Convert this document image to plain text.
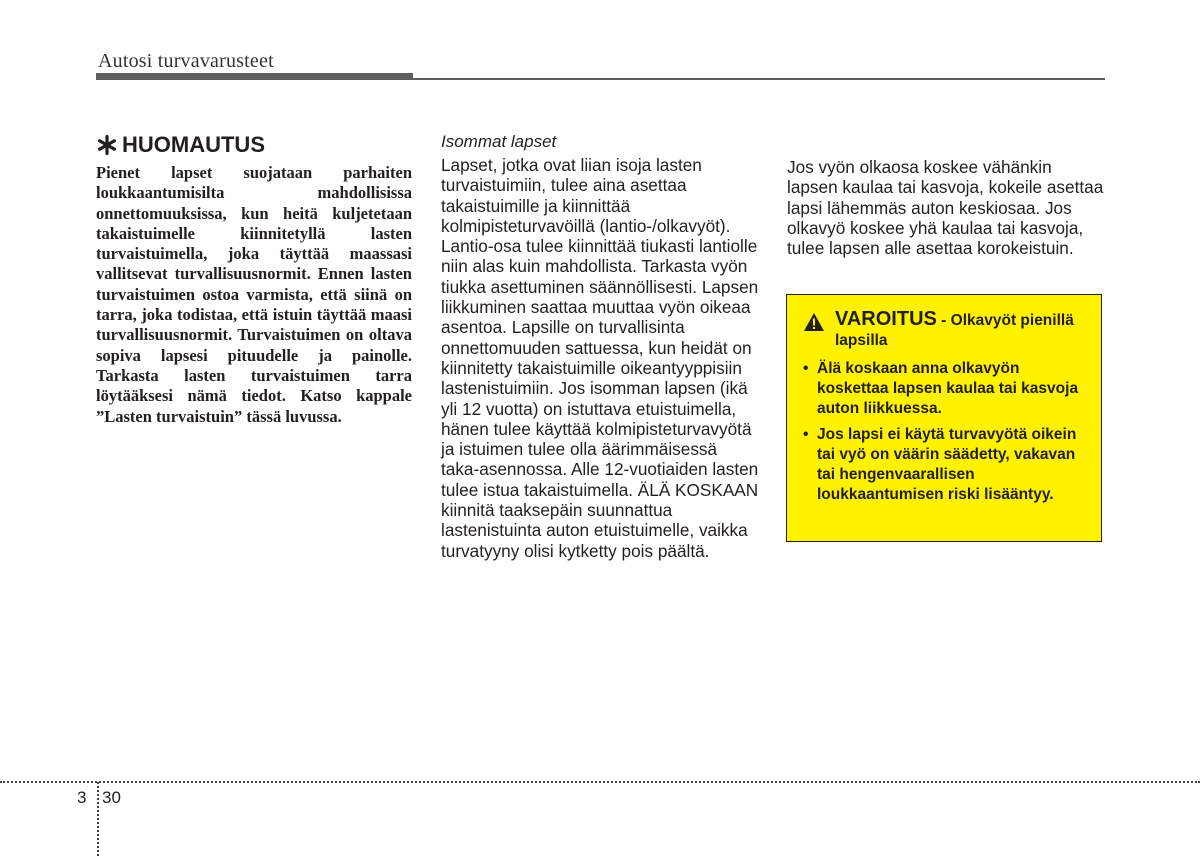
Autosi turvavarusteet
HUOMAUTUS

Pienet lapset suojataan parhaiten loukkaantumisilta mahdollisissa onnettomuuksissa, kun heitä kuljetetaan takaistuimelle kiinnitetyllä lasten turvaistuimella, joka täyttää maassasi vallitsevat turvallisuusnormit. Ennen lasten turvaistuimen ostoa varmista, että siinä on tarra, joka todistaa, että istuin täyttää maasi turvallisuusnormit. Turvaistuimen on oltava sopiva lapsesi pituudelle ja painolle. Tarkasta lasten turvaistuimen tarra löytääksesi nämä tiedot. Katso kappale ”Lasten turvaistuin” tässä luvussa.

Isommat lapset

Lapset, jotka ovat liian isoja lasten turvaistuimiin, tulee aina asettaa takaistuimille ja kiinnittää kolmipisteturvavöillä (lantio-/olkavyöt). Lantio-osa tulee kiinnittää tiukasti lantiolle niin alas kuin mahdollista. Tarkasta vyön tiukka asettuminen säännöllisesti. Lapsen liikkuminen saattaa muuttaa vyön oikeaa asentoa. Lapsille on turvallisinta onnettomuuden sattuessa, kun heidät on kiinnitetty takaistuimille oikeantyyppisiin lastenistuimiin. Jos isomman lapsen (ikä yli 12 vuotta) on istuttava etuistuimella, hänen tulee käyttää kolmipisteturvavyötä ja istuimen tulee olla äärimmäisessä taka-asennossa. Alle 12-vuotiaiden lasten tulee istua takaistuimella. ÄLÄ KOSKAAN kiinnitä taaksepäin suunnattua lastenistuinta auton etuistuimelle, vaikka turvatyyny olisi kytketty pois päältä.

Jos vyön olkaosa koskee vähänkin lapsen kaulaa tai kasvoja, kokeile asettaa lapsi lähemmäs auton keskiosaa. Jos olkavyö koskee yhä kaulaa tai kasvoja, tulee lapsen alle asettaa korokeistuin.

VAROITUS - Olkavyöt pienillä lapsilla
• Älä koskaan anna olkavyön koskettaa lapsen kaulaa tai kasvoja auton liikkuessa.
• Jos lapsi ei käytä turvavyötä oikein tai vyö on väärin säädetty, vakavan tai hengenvaarallisen loukkaantumisen riski lisääntyy.
3 30
